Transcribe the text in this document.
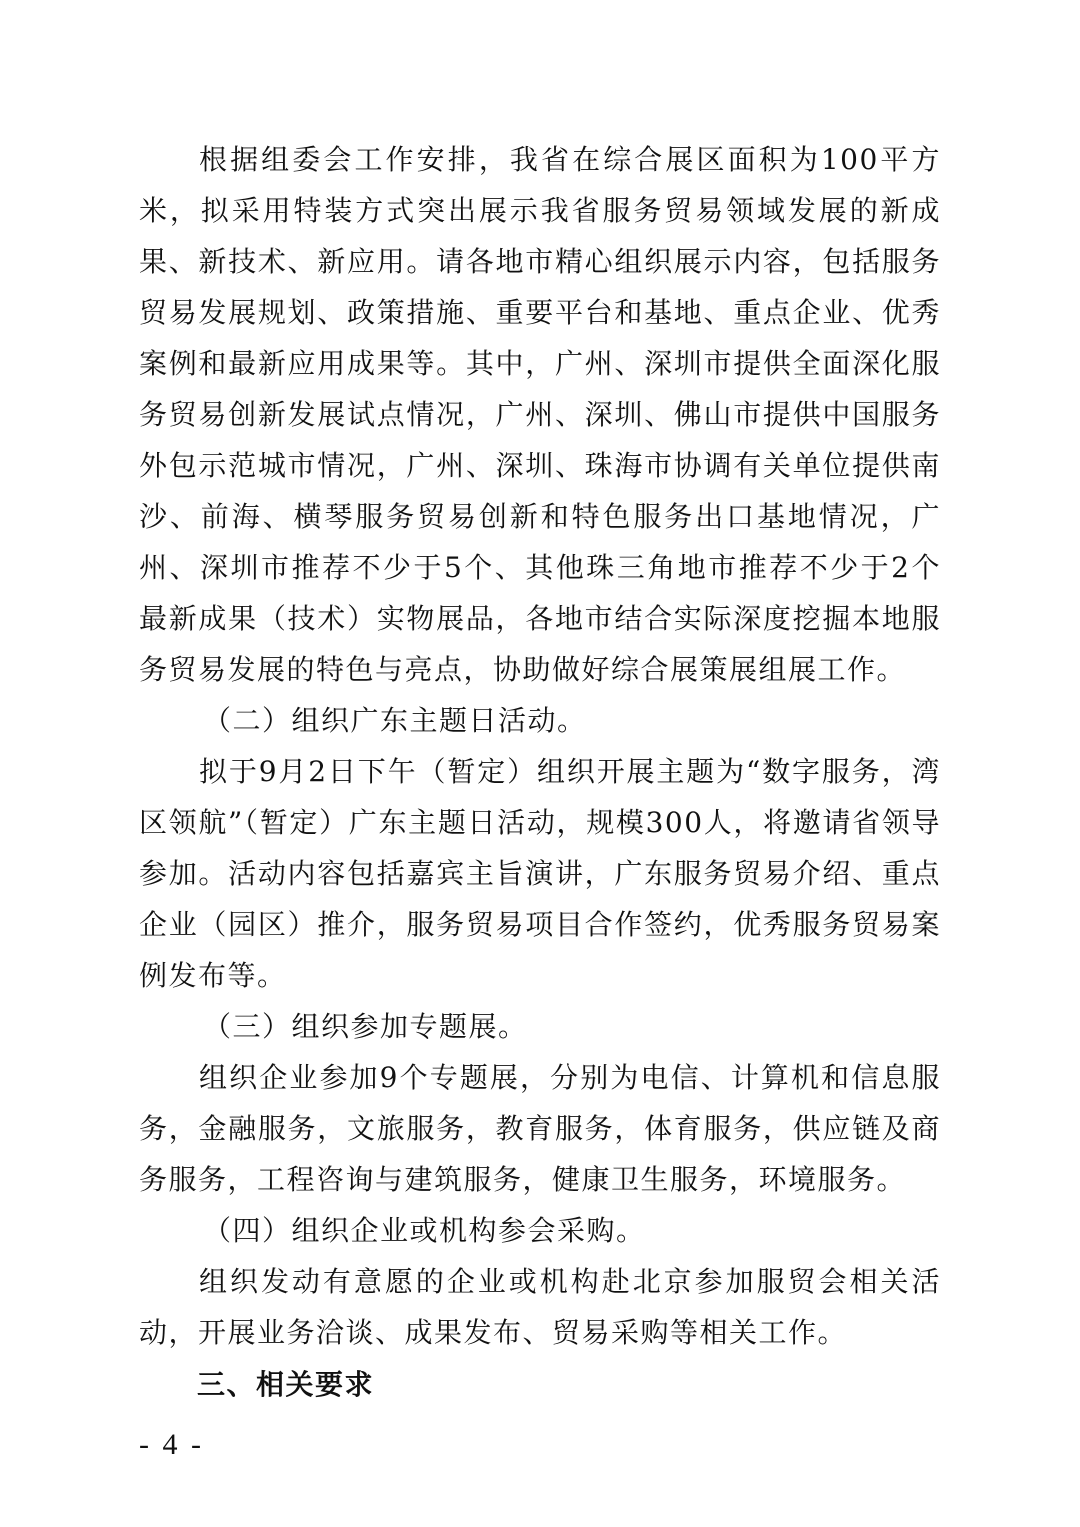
根据组委会工作安排，我省在综合展区面积为100平方米，拟采用特装方式突出展示我省服务贸易领域发展的新成果、新技术、新应用。请各地市精心组织展示内容，包括服务贸易发展规划、政策措施、重要平台和基地、重点企业、优秀案例和最新应用成果等。其中，广州、深圳市提供全面深化服务贸易创新发展试点情况，广州、深圳、佛山市提供中国服务外包示范城市情况，广州、深圳、珠海市协调有关单位提供南沙、前海、横琴服务贸易创新和特色服务出口基地情况，广州、深圳市推荐不少于5个、其他珠三角地市推荐不少于2个最新成果（技术）实物展品，各地市结合实际深度挖掘本地服务贸易发展的特色与亮点，协助做好综合展策展组展工作。

（二）组织广东主题日活动。

拟于9月2日下午（暂定）组织开展主题为“数字服务，湾区领航”（暂定）广东主题日活动，规模300人，将邀请省领导参加。活动内容包括嘉宾主旨演讲，广东服务贸易介绍、重点企业（园区）推介，服务贸易项目合作签约，优秀服务贸易案例发布等。

（三）组织参加专题展。

组织企业参加9个专题展，分别为电信、计算机和信息服务，金融服务，文旅服务，教育服务，体育服务，供应链及商务服务，工程咨询与建筑服务，健康卫生服务，环境服务。

（四）组织企业或机构参会采购。

组织发动有意愿的企业或机构赴北京参加服贸会相关活动，开展业务洽谈、成果发布、贸易采购等相关工作。

三、相关要求

- 4 -
